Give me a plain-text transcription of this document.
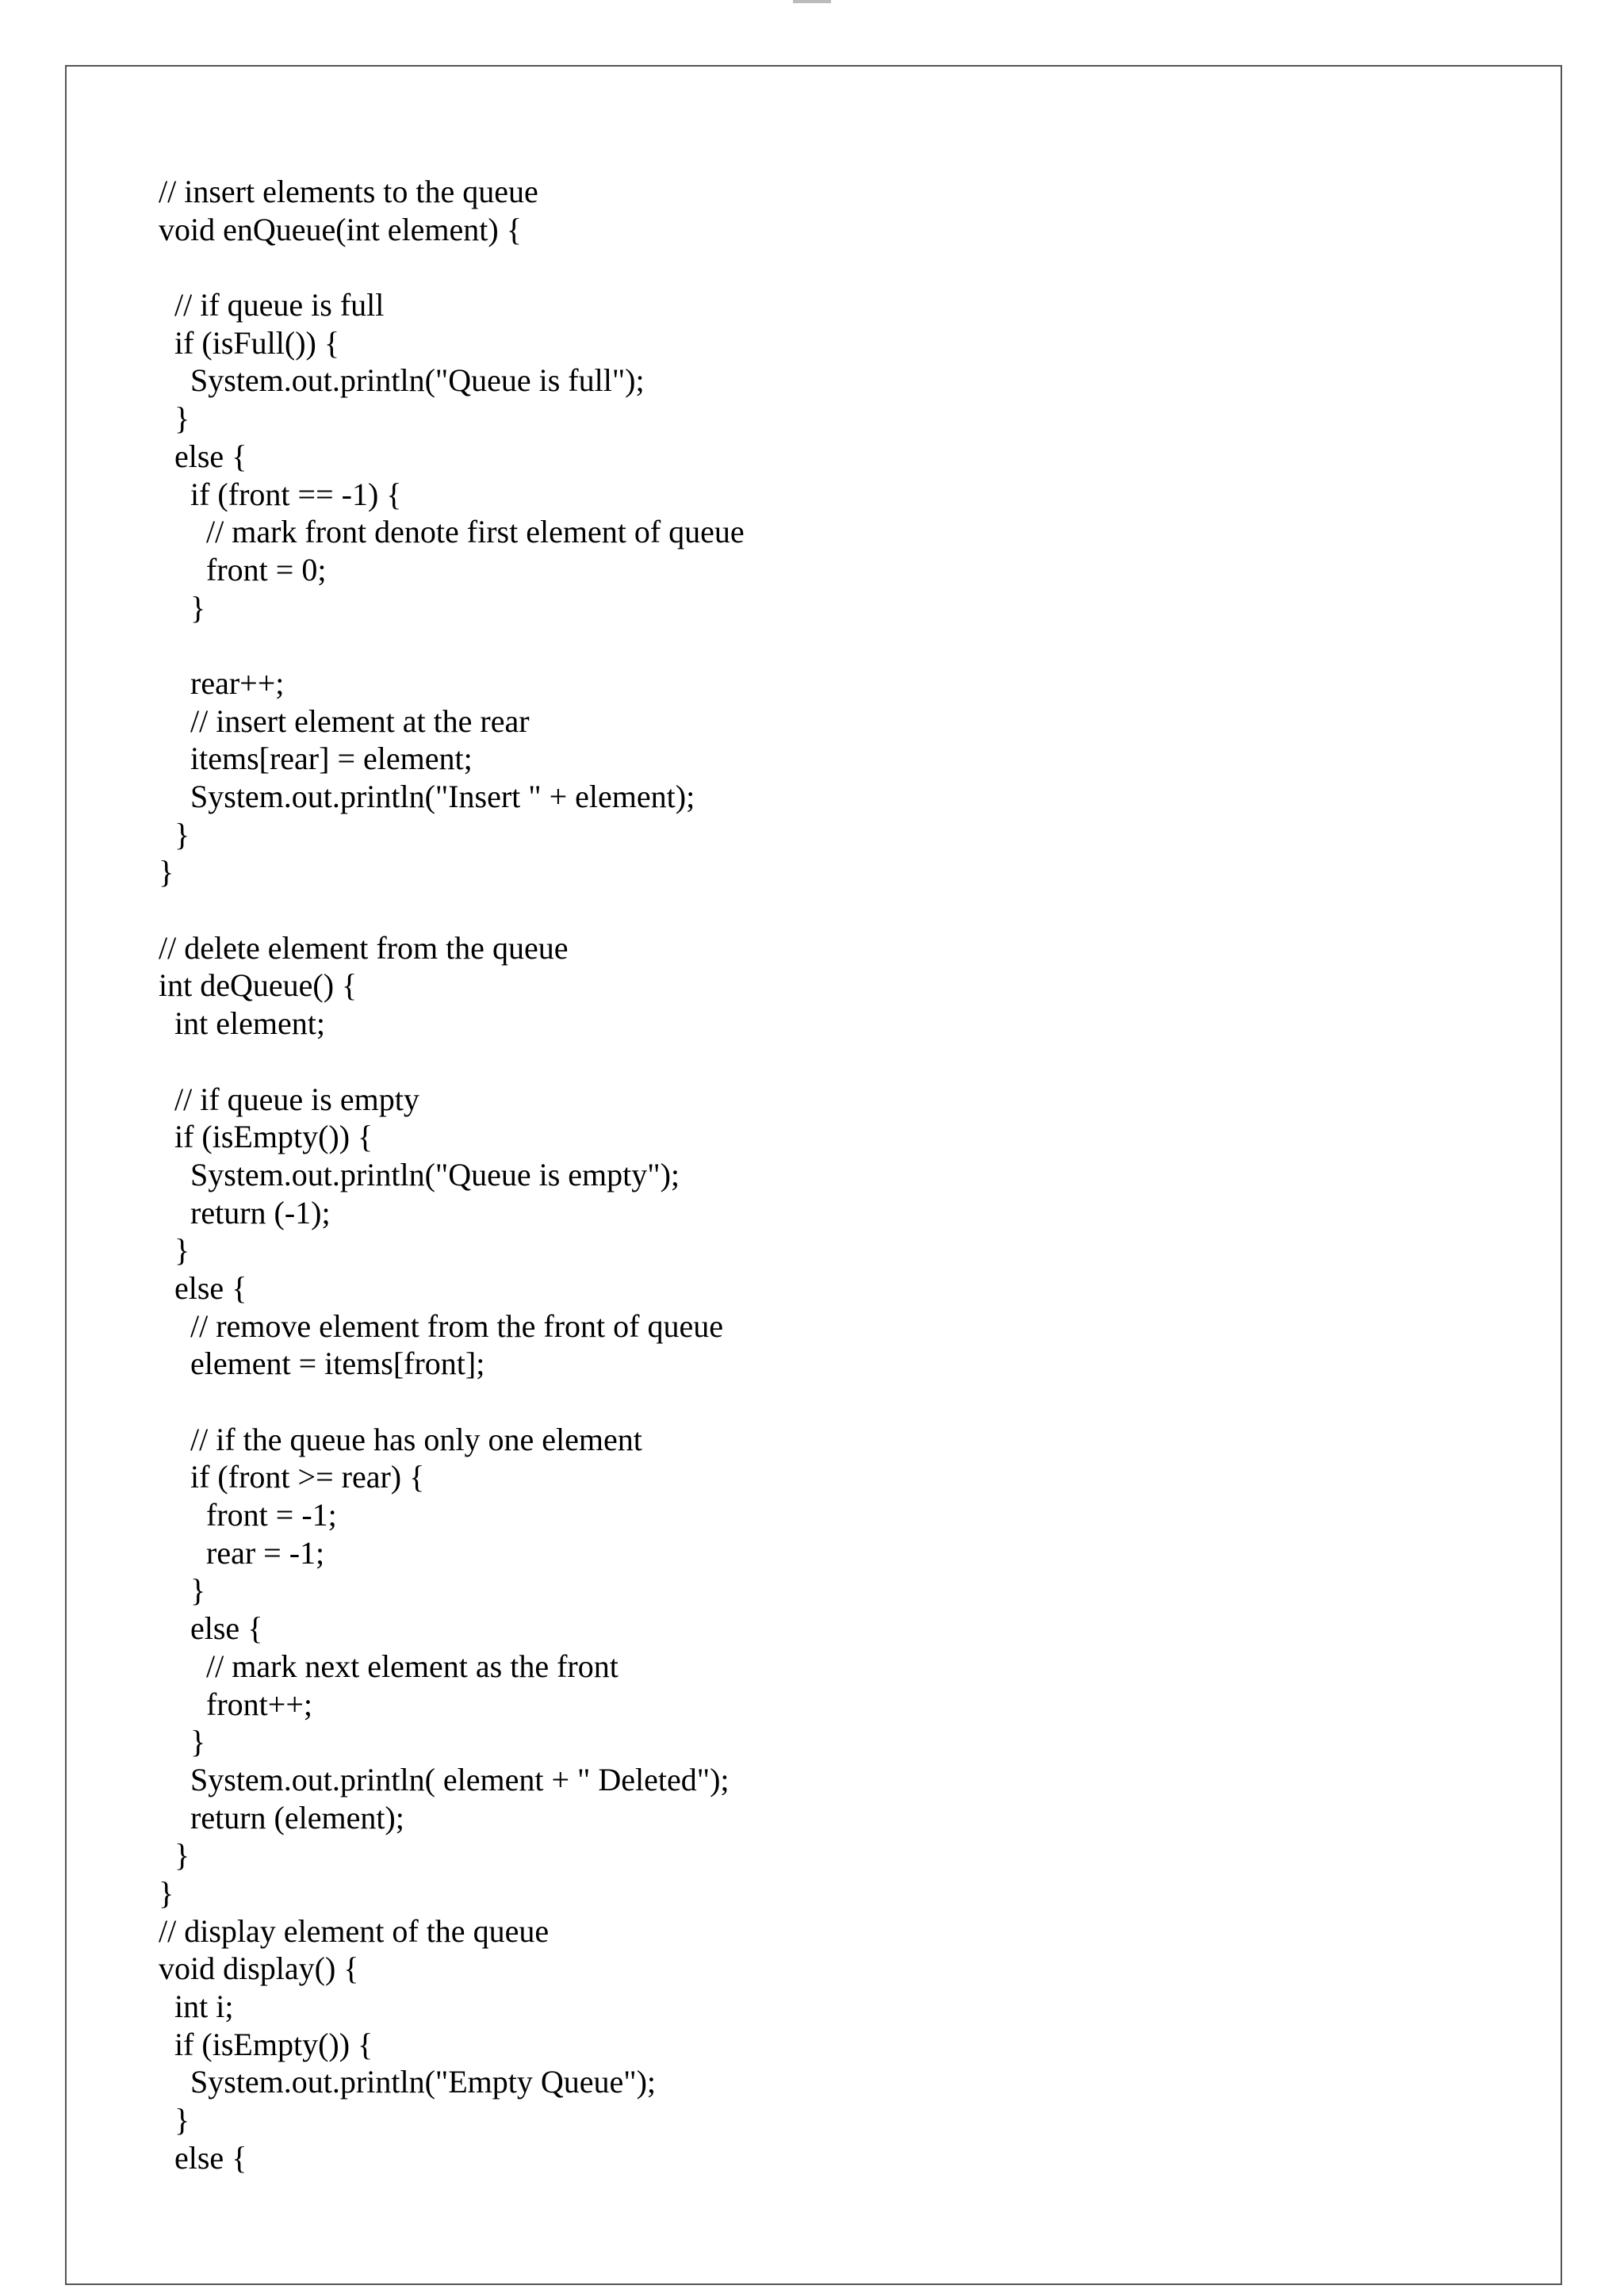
// insert elements to the queue
void enQueue(int element) {
// if queue is full
if (isFull()) {
System.out.println("Queue is full");
}
else {
if (front == -1) {
// mark front denote first element of queue
front = 0;
}
rear++;
// insert element at the rear
items[rear] = element;
System.out.println("Insert " + element);
}
}
// delete element from the queue
int deQueue() {
int element;
// if queue is empty
if (isEmpty()) {
System.out.println("Queue is empty");
return (-1);
}
else {
// remove element from the front of queue
element = items[front];
// if the queue has only one element
if (front >= rear) {
front = -1;
rear = -1;
}
else {
// mark next element as the front
front++;
}
System.out.println( element + " Deleted");
return (element);
}
}
// display element of the queue
void display() {
int i;
if (isEmpty()) {
System.out.println("Empty Queue");
}
else {
